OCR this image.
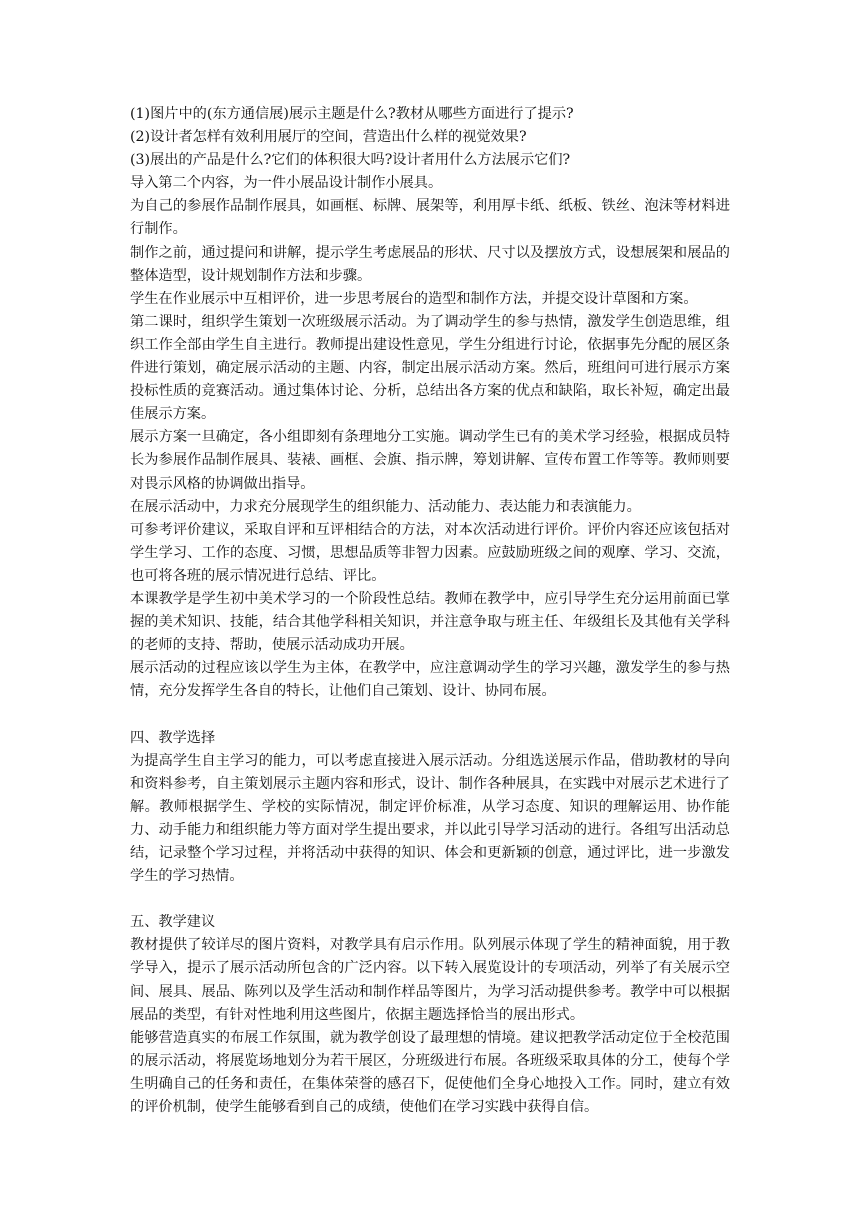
(1)图片中的(东方通信展)展示主题是什么?教材从哪些方面进行了提示?

(2)设计者怎样有效利用展厅的空间，营造出什么样的视觉效果?

(3)展出的产品是什么?它们的体积很大吗?设计者用什么方法展示它们?

导入第二个内容，为一件小展品设计制作小展具。

为自己的参展作品制作展具，如画框、标牌、展架等，利用厚卡纸、纸板、铁丝、泡沫等材料进行制作。

制作之前，通过提问和讲解，提示学生考虑展品的形状、尺寸以及摆放方式，设想展架和展品的整体造型，设计规划制作方法和步骤。

学生在作业展示中互相评价，进一步思考展台的造型和制作方法，并提交设计草图和方案。

第二课时，组织学生策划一次班级展示活动。为了调动学生的参与热情，激发学生创造思维，组织工作全部由学生自主进行。教师提出建设性意见，学生分组进行讨论，依据事先分配的展区条件进行策划，确定展示活动的主题、内容，制定出展示活动方案。然后，班组问可进行展示方案投标性质的竞赛活动。通过集体讨论、分析，总结出各方案的优点和缺陷，取长补短，确定出最佳展示方案。

展示方案一旦确定，各小组即刻有条理地分工实施。调动学生已有的美术学习经验，根据成员特长为参展作品制作展具、装裱、画框、会旗、指示牌，筹划讲解、宣传布置工作等等。教师则要对畏示风格的协调做出指导。

在展示活动中，力求充分展现学生的组织能力、活动能力、表达能力和表演能力。

可参考评价建议，采取自评和互评相结合的方法，对本次活动进行评价。评价内容还应该包括对学生学习、工作的态度、习惯，思想品质等非智力因素。应鼓励班级之间的观摩、学习、交流，也可将各班的展示情况进行总结、评比。

本课教学是学生初中美术学习的一个阶段性总结。教师在教学中，应引导学生充分运用前面已掌握的美术知识、技能，结合其他学科相关知识，并注意争取与班主任、年级组长及其他有关学科的老师的支持、帮助，使展示活动成功开展。

展示活动的过程应该以学生为主体，在教学中，应注意调动学生的学习兴趣，激发学生的参与热情，充分发挥学生各自的特长，让他们自己策划、设计、协同布展。

四、教学选择

为提高学生自主学习的能力，可以考虑直接进入展示活动。分组选送展示作品，借助教材的导向和资料参考，自主策划展示主题内容和形式，设计、制作各种展具，在实践中对展示艺术进行了解。教师根据学生、学校的实际情况，制定评价标准，从学习态度、知识的理解运用、协作能力、动手能力和组织能力等方面对学生提出要求，并以此引导学习活动的进行。各组写出活动总结，记录整个学习过程，并将活动中获得的知识、体会和更新颖的创意，通过评比，进一步激发学生的学习热情。

五、教学建议

教材提供了较详尽的图片资料，对教学具有启示作用。队列展示体现了学生的精神面貌，用于教学导入，提示了展示活动所包含的广泛内容。以下转入展览设计的专项活动，列举了有关展示空间、展具、展品、陈列以及学生活动和制作样品等图片，为学习活动提供参考。教学中可以根据展品的类型，有针对性地利用这些图片，依据主题选择恰当的展出形式。

能够营造真实的布展工作氛围，就为教学创设了最理想的情境。建议把教学活动定位于全校范围的展示活动，将展览场地划分为若干展区，分班级进行布展。各班级采取具体的分工，使每个学生明确自己的任务和责任，在集体荣誉的感召下，促使他们全身心地投入工作。同时，建立有效的评价机制，使学生能够看到自己的成绩，使他们在学习实践中获得自信。
